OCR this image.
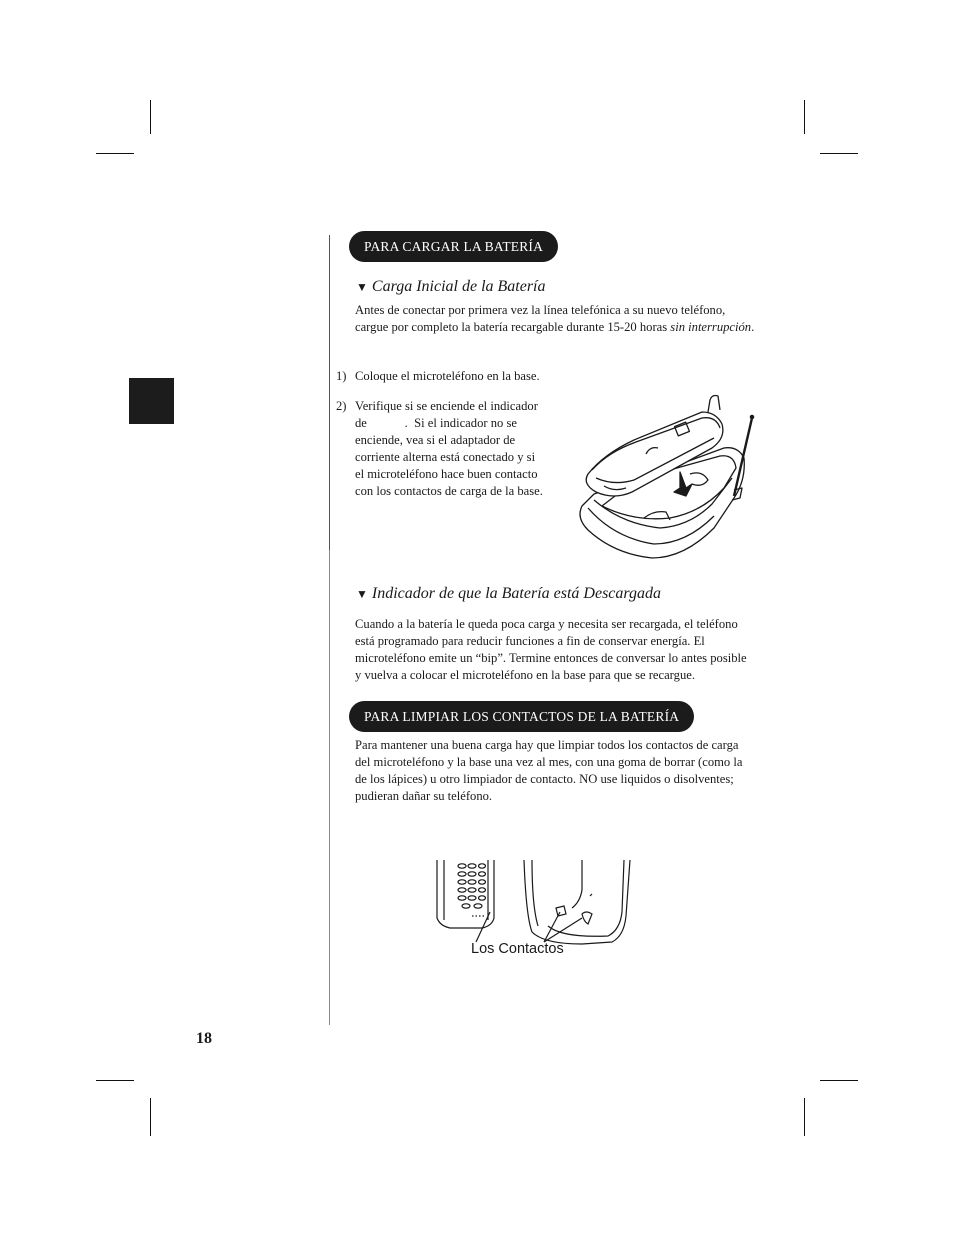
PARA CARGAR LA BATERÍA
▼ Carga Inicial de la Batería
Antes de conectar por primera vez la línea telefónica a su nuevo teléfono, cargue por completo la batería recargable durante 15-20 horas sin interrupción.
1) Coloque el microteléfono en la base.
2) Verifique si se enciende el indicador de            .  Si el indicador no se enciende, vea si el adaptador de corriente alterna está conectado y si el microteléfono hace buen contacto con los contactos de carga de la base.
▼ Indicador de que la Batería está Descargada
Cuando a la batería le queda poca carga y necesita ser recargada, el teléfono está programado para reducir funciones a fin de conservar energía. El microteléfono emite un “bip”. Termine entonces de conversar lo antes posible y vuelva a colocar el microteléfono en la base para que se recargue.
PARA LIMPIAR LOS CONTACTOS DE LA BATERÍA
Para mantener una buena carga hay que limpiar todos los contactos de carga del microteléfono y la base una vez al mes, con una goma de borrar (como la de los lápices) u otro limpiador de contacto. NO use liquidos o disolventes; pudieran dañar su teléfono.
Los Contactos
18
